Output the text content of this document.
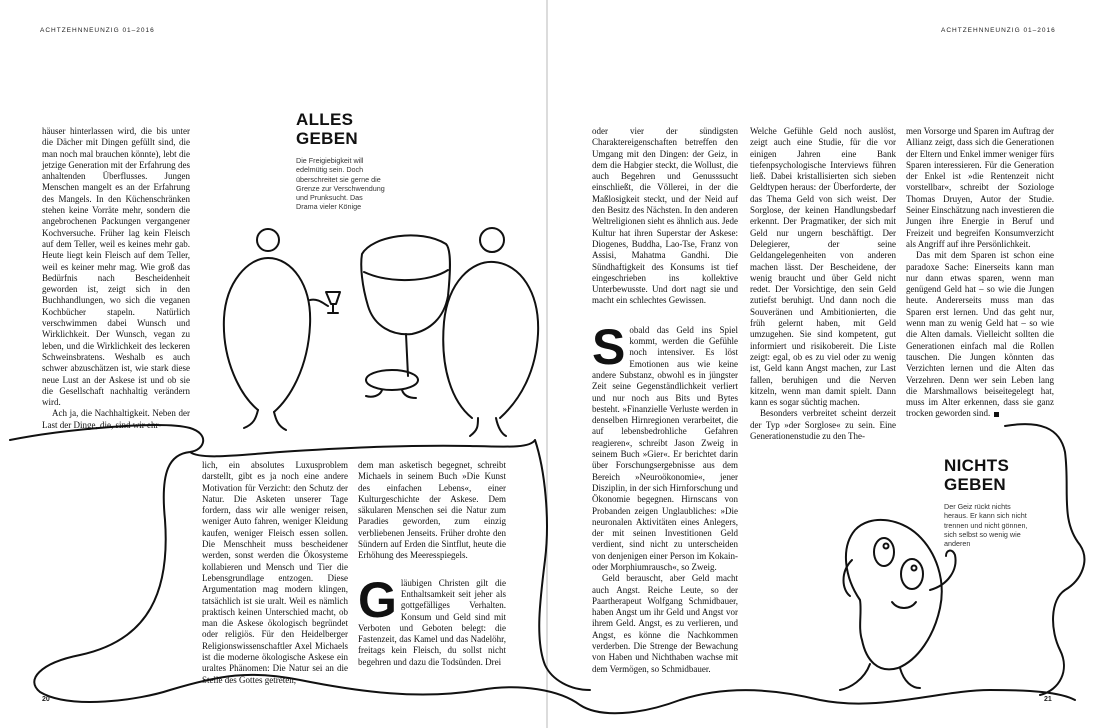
ACHTZEHNNEUNZIG 01–2016	ACHTZEHNNEUNZIG 01–2016
ALLES
GEBEN
Die Freigiebigkeit will edelmütig sein. Doch überschreitet sie gerne die Grenze zur Verschwendung und Prunksucht. Das Drama vieler Könige
NICHTS
GEBEN
Der Geiz rückt nichts heraus. Er kann sich nicht trennen und nicht gönnen, sich selbst so wenig wie anderen

häuser hinterlassen wird, die bis unter die Dächer mit Dingen gefüllt sind, die man noch mal brauchen könnte), lebt die jetzige Generation mit der Erfahrung des anhaltenden Überflusses. Jungen Menschen mangelt es an der Erfahrung des Mangels. In den Küchenschränken stehen keine Vorräte mehr, sondern die angebrochenen Packungen vergangener Kochversuche. Früher lag kein Fleisch auf dem Teller, weil es keines mehr gab. Heute liegt kein Fleisch auf dem Teller, weil es keiner mehr mag. Wie groß das Bedürfnis nach Bescheidenheit geworden ist, zeigt sich in den Buchhandlungen, wo sich die veganen Kochbücher stapeln. Natürlich verschwimmen dabei Wunsch und Wirklichkeit. Der Wunsch, vegan zu leben, und die Wirklichkeit des leckeren Schweinsbratens. Weshalb es auch schwer abzuschätzen ist, wie stark diese neue Lust an der Askese ist und ob sie die Gesellschaft nachhaltig verändern wird.

Ach ja, die Nachhaltigkeit. Neben der Last der Dinge, die, sind wir ehr-

lich, ein absolutes Luxusproblem darstellt, gibt es ja noch eine andere Motivation für Verzicht: den Schutz der Natur. Die Asketen unserer Tage fordern, dass wir alle weniger reisen, weniger Auto fahren, weniger Kleidung kaufen, weniger Fleisch essen sollen. Die Menschheit muss bescheidener werden, sonst werden die Ökosysteme kollabieren und Mensch und Tier die Lebensgrundlage entzogen. Diese Argumentation mag modern klingen, tatsächlich ist sie uralt. Weil es nämlich praktisch keinen Unterschied macht, ob man die Askese ökologisch begründet oder religiös. Für den Heidelberger Religionswissenschaftler Axel Michaels ist die moderne ökologische Askese ein uraltes Phänomen: Die Natur sei an die Stelle des Gottes getreten,

dem man asketisch begegnet, schreibt Michaels in seinem Buch »Die Kunst des einfachen Lebens«, einer Kulturgeschichte der Askese. Dem säkularen Menschen sei die Natur zum Paradies geworden, zum einzig verbliebenen Jenseits. Früher drohte den Sündern auf Erden die Sintflut, heute die Erhöhung des Meeresspiegels.

Gläubigen Christen gilt die Enthaltsamkeit seit jeher als gottgefälliges Verhalten. Konsum und Geld sind mit Verboten und Geboten belegt: die Fastenzeit, das Kamel und das Nadelöhr, freitags kein Fleisch, du sollst nicht begehren und dazu die Todsünden. Drei

oder vier der sündigsten Charaktereigenschaften betreffen den Umgang mit den Dingen: der Geiz, in dem die Habgier steckt, die Wollust, die auch Begehren und Genusssucht einschließt, die Völlerei, in der die Maßlosigkeit steckt, und der Neid auf den Besitz des Nächsten. In den anderen Weltreligionen sieht es ähnlich aus. Jede Kultur hat ihren Superstar der Askese: Diogenes, Buddha, Lao-Tse, Franz von Assisi, Mahatma Gandhi. Die Sündhaftigkeit des Konsums ist tief eingeschrieben ins kollektive Unterbewusste. Und dort nagt sie und macht ein schlechtes Gewissen.

Sobald das Geld ins Spiel kommt, werden die Gefühle noch intensiver. Es löst Emotionen aus wie keine andere Substanz, obwohl es in jüngster Zeit seine Gegenständlichkeit verliert und nur noch aus Bits und Bytes besteht. »Finanzielle Verluste werden in denselben Hirnregionen verarbeitet, die auf lebensbedrohliche Gefahren reagieren«, schreibt Jason Zweig in seinem Buch »Gier«. Er berichtet darin über Forschungsergebnisse aus dem Bereich »Neuroökonomie«, jener Disziplin, in der sich Hirnforschung und Ökonomie begegnen. Hirnscans von Probanden zeigen Unglaubliches: »Die neuronalen Aktivitäten eines Anlegers, der mit seinen Investitionen Geld verdient, sind nicht zu unterscheiden von denjenigen einer Person im Kokain- oder Morphiumrausch«, so Zweig.

Geld berauscht, aber Geld macht auch Angst. Reiche Leute, so der Paartherapeut Wolfgang Schmidbauer, haben Angst um ihr Geld und Angst vor ihrem Geld. Angst, es zu verlieren, und Angst, es könne die Nachkommen verderben. Die Strenge der Bewachung von Haben und Nichthaben wachse mit dem Vermögen, so Schmidbauer.

Welche Gefühle Geld noch auslöst, zeigt auch eine Studie, für die vor einigen Jahren eine Bank tiefenpsychologische Interviews führen ließ. Dabei kristallisierten sich sieben Geldtypen heraus: der Überforderte, der das Thema Geld von sich weist. Der Sorglose, der keinen Handlungsbedarf erkennt. Der Pragmatiker, der sich mit Geld nur ungern beschäftigt. Der Delegierer, der seine Geldangelegenheiten von anderen machen lässt. Der Bescheidene, der wenig braucht und über Geld nicht redet. Der Vorsichtige, den sein Geld zutiefst beruhigt. Und dann noch die Souveränen und Ambitionierten, die früh gelernt haben, mit Geld umzugehen. Sie sind kompetent, gut informiert und risikobereit. Die Liste zeigt: egal, ob es zu viel oder zu wenig ist, Geld kann Angst machen, zur Last fallen, beruhigen und die Nerven kitzeln, wenn man damit spielt. Dann kann es sogar süchtig machen.

Besonders verbreitet scheint derzeit der Typ »der Sorglose« zu sein. Eine Generationenstudie zu den The-

men Vorsorge und Sparen im Auftrag der Allianz zeigt, dass sich die Generationen der Eltern und Enkel immer weniger fürs Sparen interessieren. Für die Generation der Enkel ist »die Rentenzeit nicht vorstellbar«, schreibt der Soziologe Thomas Druyen, Autor der Studie. Seiner Einschätzung nach investieren die Jungen ihre Energie in Beruf und Freizeit und begreifen Konsumverzicht als Angriff auf ihre Persönlichkeit.

Das mit dem Sparen ist schon eine paradoxe Sache: Einerseits kann man nur dann etwas sparen, wenn man genügend Geld hat – so wie die Jungen heute. Andererseits muss man das Sparen erst lernen. Und das geht nur, wenn man zu wenig Geld hat – so wie die Alten damals. Vielleicht sollten die Generationen einfach mal die Rollen tauschen. Die Jungen könnten das Verzichten lernen und die Alten das Verzehren. Denn wer sein Leben lang die Marshmallows beiseitegelegt hat, muss im Alter erkennen, dass sie ganz trocken geworden sind.

20	21
